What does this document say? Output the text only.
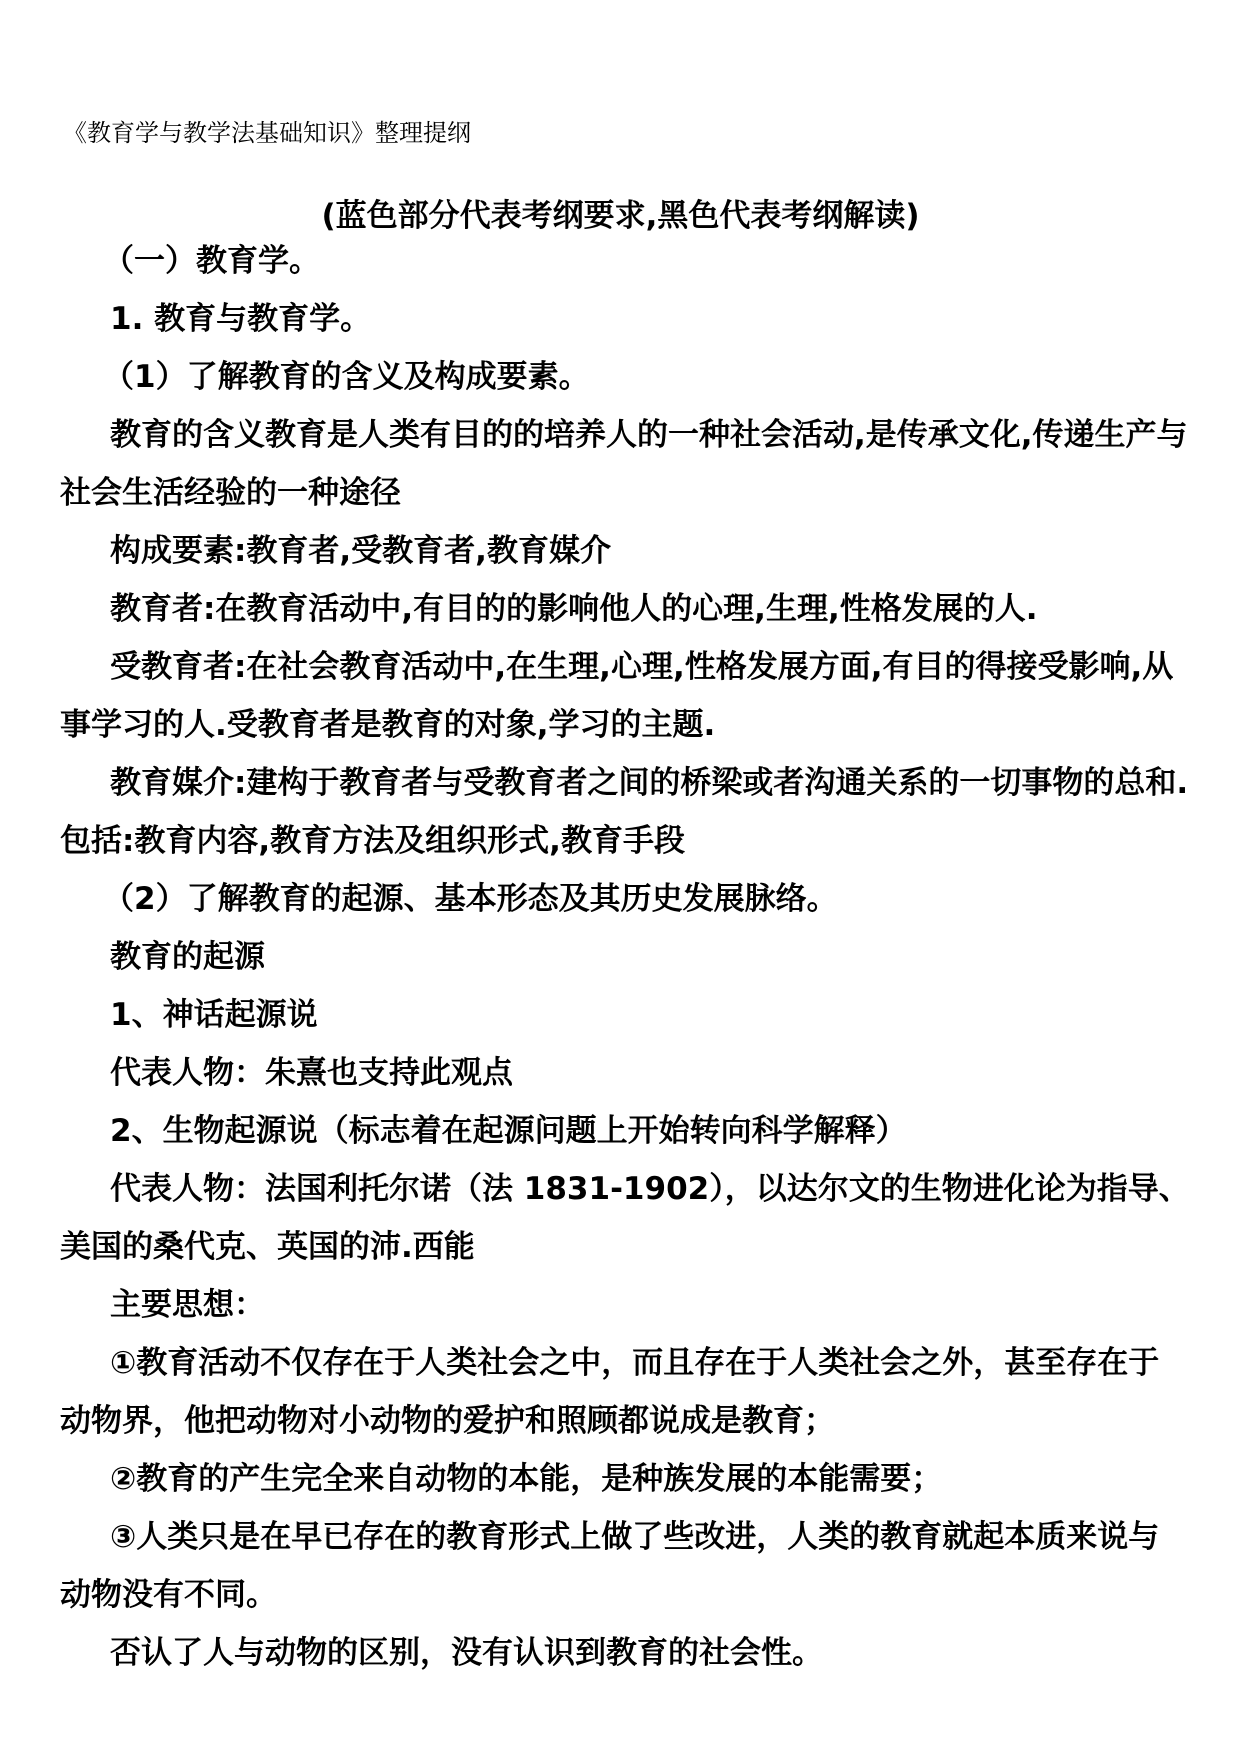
《教育学与教学法基础知识》整理提纲
(蓝色部分代表考纲要求,黑色代表考纲解读)

（一）教育学。

1. 教育与教育学。

（1）了解教育的含义及构成要素。

教育的含义教育是人类有目的的培养人的一种社会活动,是传承文化,传递生产与社会生活经验的一种途径

构成要素:教育者,受教育者,教育媒介

教育者:在教育活动中,有目的的影响他人的心理,生理,性格发展的人.

受教育者:在社会教育活动中,在生理,心理,性格发展方面,有目的得接受影响,从事学习的人.受教育者是教育的对象,学习的主题.

教育媒介:建构于教育者与受教育者之间的桥梁或者沟通关系的一切事物的总和.包括:教育内容,教育方法及组织形式,教育手段

（2）了解教育的起源、基本形态及其历史发展脉络。

教育的起源

1、神话起源说

代表人物：朱熹也支持此观点

2、生物起源说（标志着在起源问题上开始转向科学解释）

代表人物：法国利托尔诺（法 1831-1902），以达尔文的生物进化论为指导、美国的桑代克、英国的沛.西能

主要思想：

①教育活动不仅存在于人类社会之中，而且存在于人类社会之外，甚至存在于动物界，他把动物对小动物的爱护和照顾都说成是教育；

②教育的产生完全来自动物的本能，是种族发展的本能需要；

③人类只是在早已存在的教育形式上做了些改进，人类的教育就起本质来说与动物没有不同。

否认了人与动物的区别，没有认识到教育的社会性。
